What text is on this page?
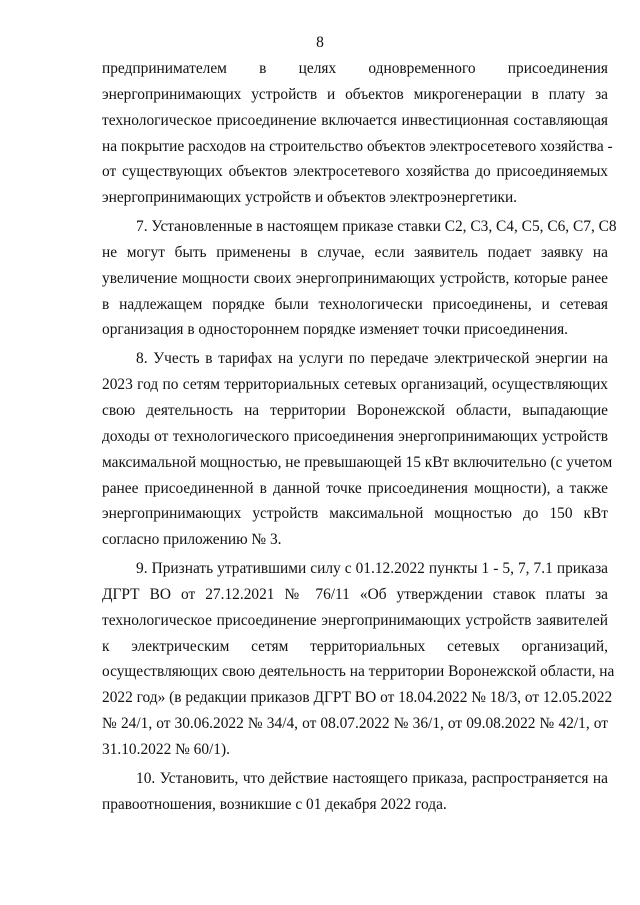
8
предпринимателем в целях одновременного присоединения
энергопринимающих устройств и объектов микрогенерации в плату за
технологическое присоединение включается инвестиционная составляющая
на покрытие расходов на строительство объектов электросетевого хозяйства -
от существующих объектов электросетевого хозяйства до присоединяемых
энергопринимающих устройств и объектов электроэнергетики.
7. Установленные в настоящем приказе ставки С2, С3, С4, С5, С6, С7, С8
не могут быть применены в случае, если заявитель подает заявку на
увеличение мощности своих энергопринимающих устройств, которые ранее
в надлежащем порядке были технологически присоединены, и сетевая
организация в одностороннем порядке изменяет точки присоединения.
8. Учесть в тарифах на услуги по передаче электрической энергии на
2023 год по сетям территориальных сетевых организаций, осуществляющих
свою деятельность на территории Воронежской области, выпадающие
доходы от технологического присоединения энергопринимающих устройств
максимальной мощностью, не превышающей 15 кВт включительно (с учетом
ранее присоединенной в данной точке присоединения мощности), а также
энергопринимающих устройств максимальной мощностью до 150 кВт
согласно приложению № 3.
9. Признать утратившими силу с 01.12.2022 пункты 1 - 5, 7, 7.1 приказа
ДГРТ ВО от 27.12.2021 № 76/11 «Об утверждении ставок платы за
технологическое присоединение энергопринимающих устройств заявителей
к электрическим сетям территориальных сетевых организаций,
осуществляющих свою деятельность на территории Воронежской области, на
2022 год» (в редакции приказов ДГРТ ВО от 18.04.2022 № 18/3, от 12.05.2022
№ 24/1, от 30.06.2022 № 34/4, от 08.07.2022 № 36/1, от 09.08.2022 № 42/1, от
31.10.2022 № 60/1).
10. Установить, что действие настоящего приказа, распространяется на
правоотношения, возникшие с 01 декабря 2022 года.
